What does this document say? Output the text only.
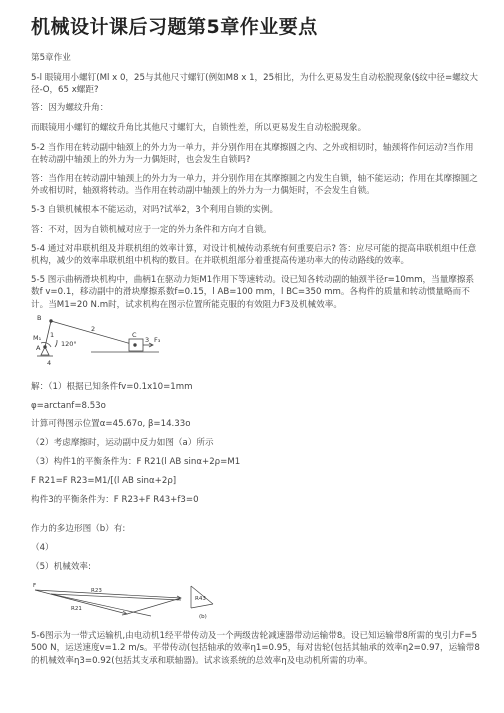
机械设计课后习题第5章作业要点

第5章作业

5-l 眼镜用小螺钉(Ml x 0，25与其他尺寸螺钉(例如M8 x 1，25相比，为什么更易发生自动松脱现象(§纹中径=螺纹大径-O，65 x螺距?

答：因为螺纹升角：

而眼镜用小螺钉的螺纹升角比其他尺寸螺钉大，自锁性差，所以更易发生自动松脱现象。

5-2 当作用在转动副中轴颈上的外力为一单力，并分别作用在其摩擦圆之内、之外或相切时，轴颈将作何运动?当作用在转动副中轴颈上的外力为一力偶矩时，也会发生自锁吗?

答：当作用在转动副中轴颈上的外力为一单力，并分别作用在其摩擦圆之内发生自锁，轴不能运动；作用在其摩擦圆之外或相切时，轴颈将转动。当作用在转动副中轴颈上的外力为一力偶矩时，不会发生自锁。

5-3 自锁机械根本不能运动，对吗?试举2，3个利用自锁的实例。

答：不对，因为自锁机械对应于一定的外力条件和方向才自锁。

5-4 通过对串联机组及并联机组的效率计算，对设计机械传动系统有何重要启示? 答：应尽可能的提高串联机组中任意机构，减少的效率串联机组中机构的数目。在并联机组部分着重提高传递功率大的传动路线的效率。

5-5 图示曲柄滑块机构中，曲柄1在驱动力矩M1作用下等速转动。设已知各转动副的轴颈半径r=10mm，当量摩擦系数f v=0.1，移动副中的滑块摩擦系数f=0.15，l AB=100 mm，l BC=350 mm。各构件的质量和转动惯量略而不计。当M1=20 N.m时，试求机构在图示位置所能克服的有效阻力F3及机械效率。

B
M₁
A
1
2
120°
C
3 F₃
4

解：（1）根据已知条件fv=0.1x10=1mm

φ=arctanf=8.53o

计算可得图示位置α=45.67o, β=14.33o

（2）考虑摩擦时，运动副中反力如图（a）所示

（3）构件1的平衡条件为：F R21(l AB sinα+2ρ=M1

F R21=F R23=M1/[(l AB sinα+2ρ]

构件3的平衡条件为：F R23+F R43+f3=0

作力的多边形图（b）有:

（4）

（5）机械效率:

F
R23
R21
R43
(b)

5-6图示为一带式运输机,由电动机1经平带传动及一个两级齿轮减速器带动运输带8。设已知运输带8所需的曳引力F=5 500 N，运送速度v=1.2 m/s。平带传动(包括轴承的效率η1=0.95，每对齿轮(包括其轴承的效率η2=0.97，运输带8的机械效率η3=0.92(包括其支承和联轴器)。试求该系统的总效率η及电动机所需的功率。
